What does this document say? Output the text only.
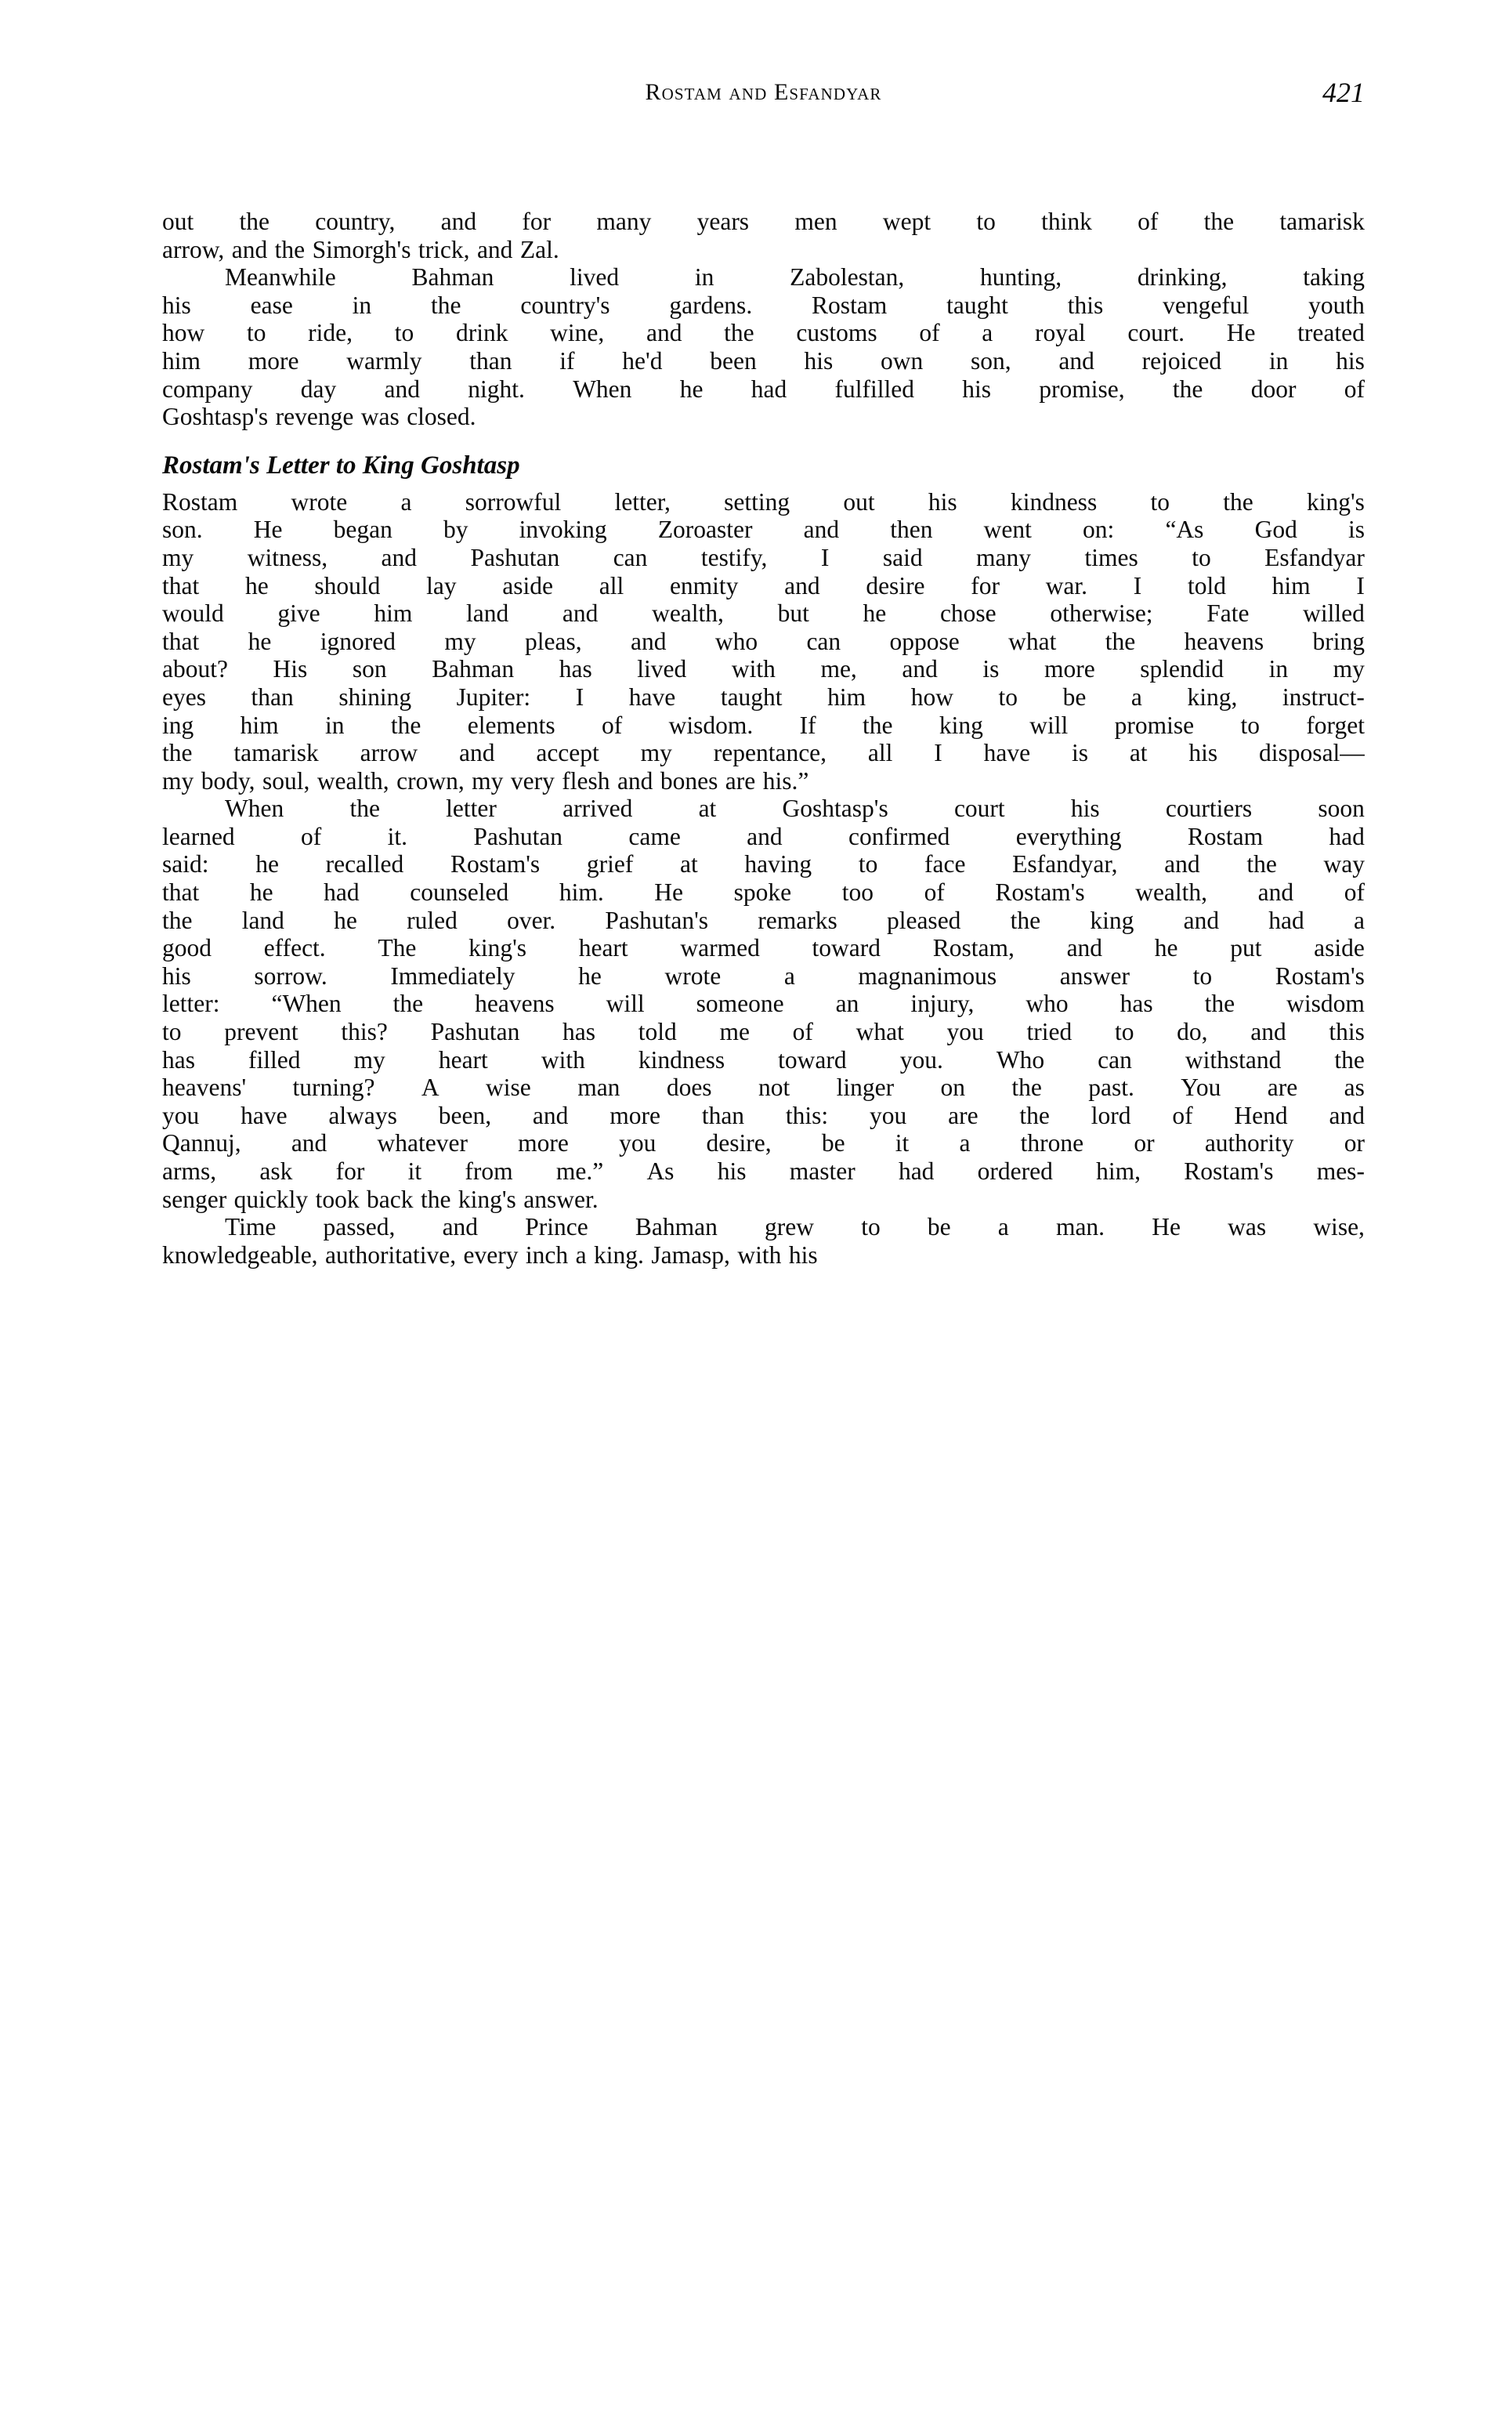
Rostam and Esfandyar	421
out the country, and for many years men wept to think of the tamarisk
arrow, and the Simorgh's trick, and Zal.
Meanwhile	Bahman	lived	in	Zabolestan,	hunting,	drinking,	taking
his ease in the country's gardens. Rostam taught this vengeful youth
how to ride, to drink wine, and the customs of a royal court. He treated
him more warmly than if he'd been his own son, and rejoiced in his
company day and night. When he had fulfilled his promise, the door of
Goshtasp's revenge was closed.
Rostam's Letter to King Goshtasp
Rostam wrote a sorrowful letter, setting out his kindness to the king's
son. He began by invoking Zoroaster and then went on: “As God is
my witness, and Pashutan can testify, I said many times to Esfandyar
that he should lay aside all enmity and desire for war. I told him I
would give him land and wealth, but he chose otherwise; Fate willed
that he ignored my pleas, and who can oppose what the heavens bring
about? His son Bahman has lived with me, and is more splendid in my
eyes than shining Jupiter: I have taught him how to be a king, instruct-
ing him in the elements of wisdom. If the king will promise to forget
the tamarisk arrow and accept my repentance, all I have is at his disposal—
my body, soul, wealth, crown, my very flesh and bones are his.”
When	the	letter	arrived	at	Goshtasp's	court	his	courtiers	soon
learned	of	it.	Pashutan	came	and	confirmed	everything	Rostam	had
said: he recalled Rostam's grief at having to face Esfandyar, and the way
that he had counseled him. He spoke too of Rostam's wealth, and of
the land he ruled over. Pashutan's remarks pleased the king and had a
good effect. The king's heart warmed toward Rostam, and he put aside
his	sorrow.	Immediately	he	wrote	a	magnanimous	answer	to	Rostam's
letter: “When the heavens will someone an injury, who has the wisdom
to prevent this? Pashutan has told me of what you tried to do, and this
has filled my heart with kindness toward you. Who can withstand the
heavens' turning? A wise man does not linger on the past. You are as
you have always been, and more than this: you are the lord of Hend and
Qannuj, and whatever more you desire, be it a throne or authority or
arms, ask for it from me.” As his master had ordered him, Rostam's mes-
senger quickly took back the king's answer.
Time	passed,	and	Prince	Bahman	grew	to	be	a	man.	He	was	wise,
knowledgeable, authoritative, every inch a king. Jamasp, with his
